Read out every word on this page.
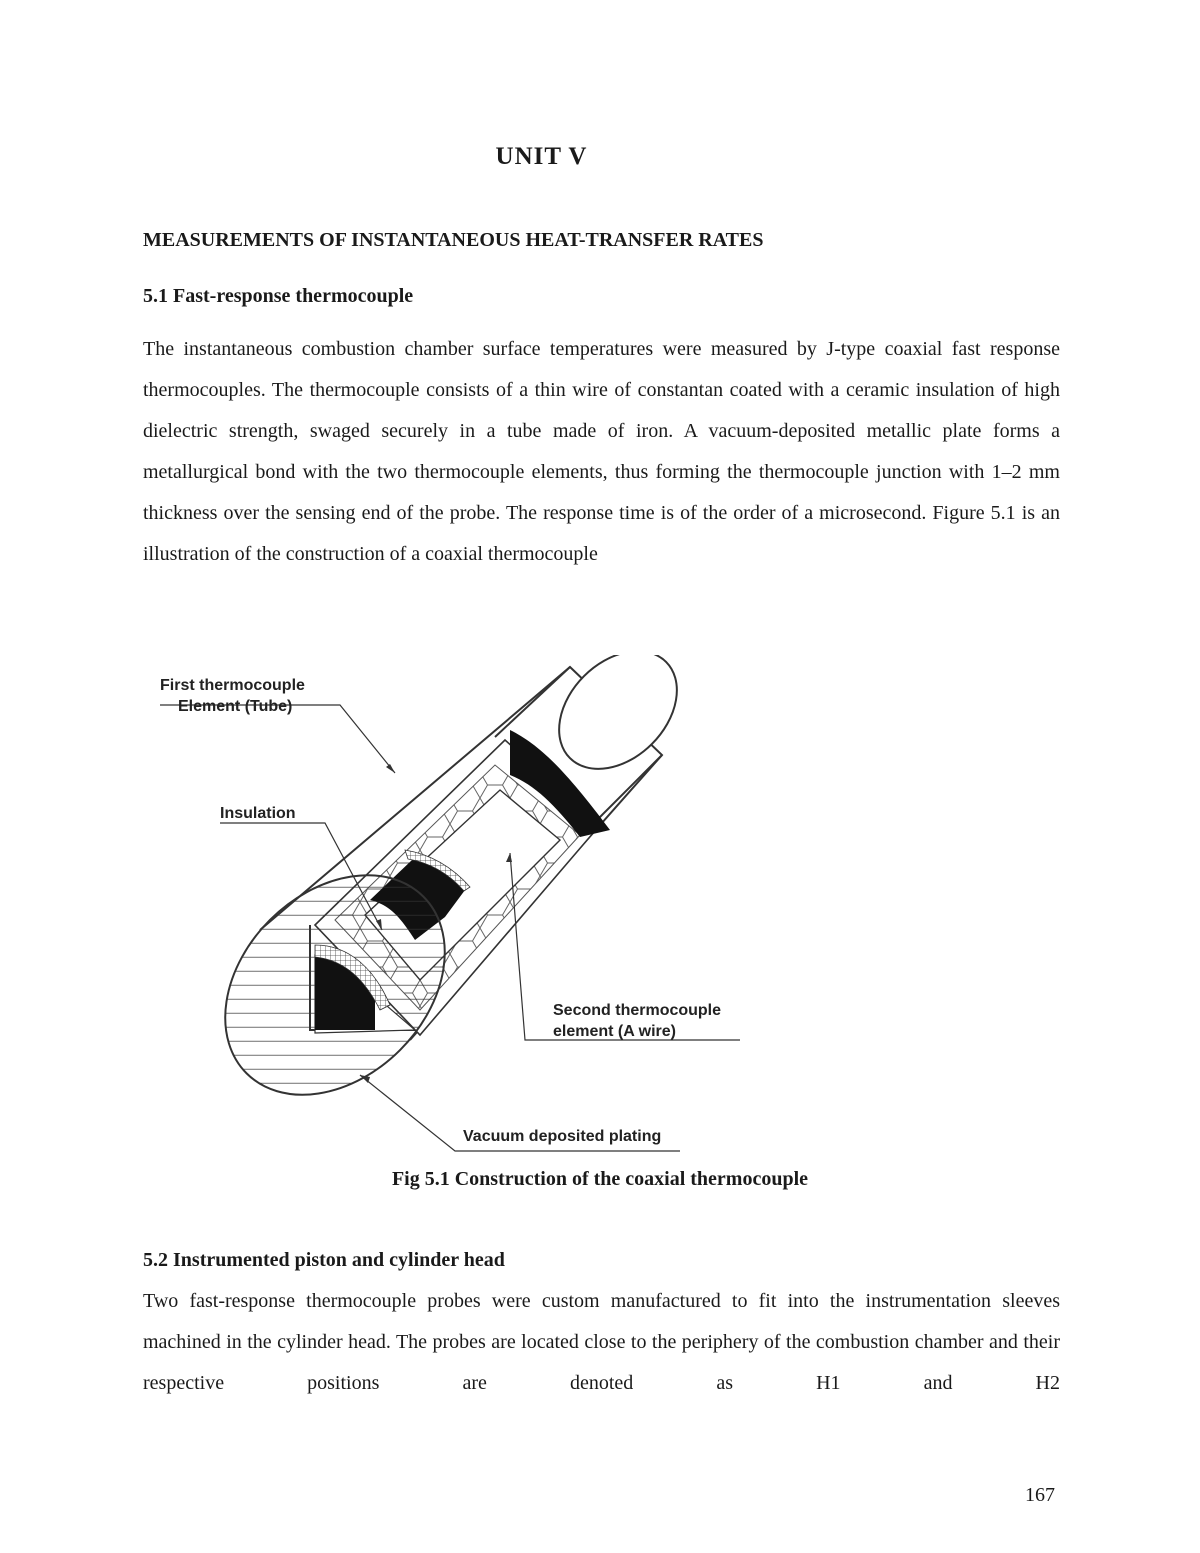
UNIT V
MEASUREMENTS OF INSTANTANEOUS HEAT-TRANSFER RATES
5.1 Fast-response thermocouple

The instantaneous combustion chamber surface temperatures were measured by J-type coaxial fast response thermocouples. The thermocouple consists of a thin wire of constantan coated with a ceramic insulation of high dielectric strength, swaged securely in a tube made of iron. A vacuum-deposited metallic plate forms a metallurgical bond with the two thermocouple elements, thus forming the thermocouple junction with 1–2 mm thickness over the sensing end of the probe. The response time is of the order of a microsecond. Figure 5.1 is an illustration of the construction of a coaxial thermocouple

First thermocouple
Element (Tube)
Insulation
Second thermocouple
element (A wire)
Vacuum deposited plating
Fig 5.1 Construction of the coaxial thermocouple
5.2 Instrumented piston and cylinder head

Two fast-response thermocouple probes were custom manufactured to fit into the instrumentation sleeves machined in the cylinder head. The probes are located close to the periphery of the combustion chamber and their respective positions are denoted as H1 and H2

167
